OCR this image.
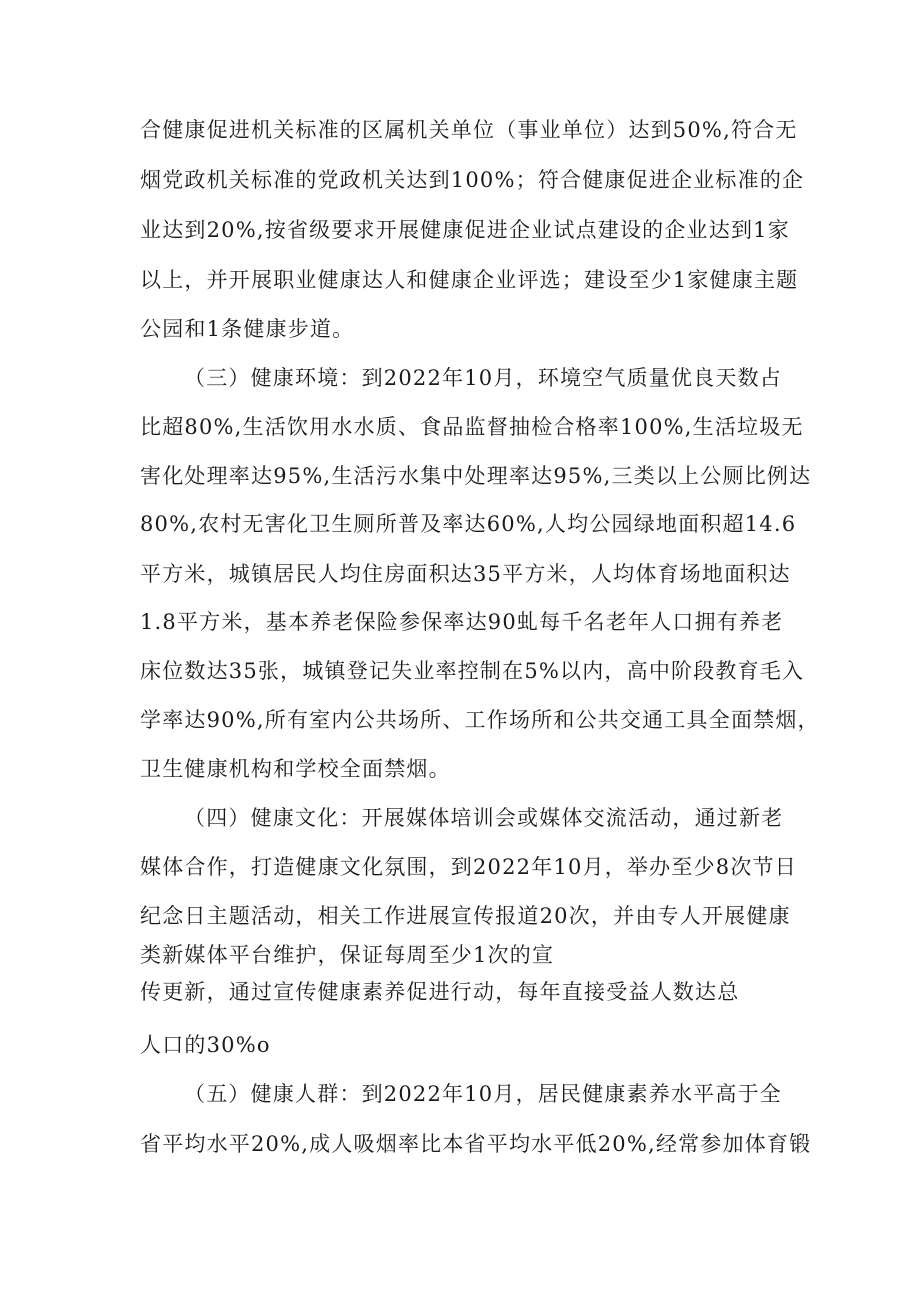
合健康促进机关标准的区属机关单位（事业单位）达到50%,符合无

烟党政机关标准的党政机关达到100%；符合健康促进企业标准的企

业达到20%,按省级要求开展健康促进企业试点建设的企业达到1家

以上，并开展职业健康达人和健康企业评选；建设至少1家健康主题

公园和1条健康步道。

（三）健康环境：到2022年10月，环境空气质量优良天数占

比超80%,生活饮用水水质、食品监督抽检合格率100%,生活垃圾无

害化处理率达95%,生活污水集中处理率达95%,三类以上公厕比例达

80%,农村无害化卫生厕所普及率达60%,人均公园绿地面积超14.6

平方米，城镇居民人均住房面积达35平方米，人均体育场地面积达

1.8平方米，基本养老保险参保率达90虬每千名老年人口拥有养老

床位数达35张，城镇登记失业率控制在5%以内，高中阶段教育毛入

学率达90%,所有室内公共场所、工作场所和公共交通工具全面禁烟，

卫生健康机构和学校全面禁烟。

（四）健康文化：开展媒体培训会或媒体交流活动，通过新老

媒体合作，打造健康文化氛围，到2022年10月，举办至少8次节日

纪念日主题活动，相关工作进展宣传报道20次，并由专人开展健康

类新媒体平台维护，保证每周至少1次的宣

传更新，通过宣传健康素养促进行动，每年直接受益人数达总

人口的30%o

（五）健康人群：到2022年10月，居民健康素养水平高于全

省平均水平20%,成人吸烟率比本省平均水平低20%,经常参加体育锻
